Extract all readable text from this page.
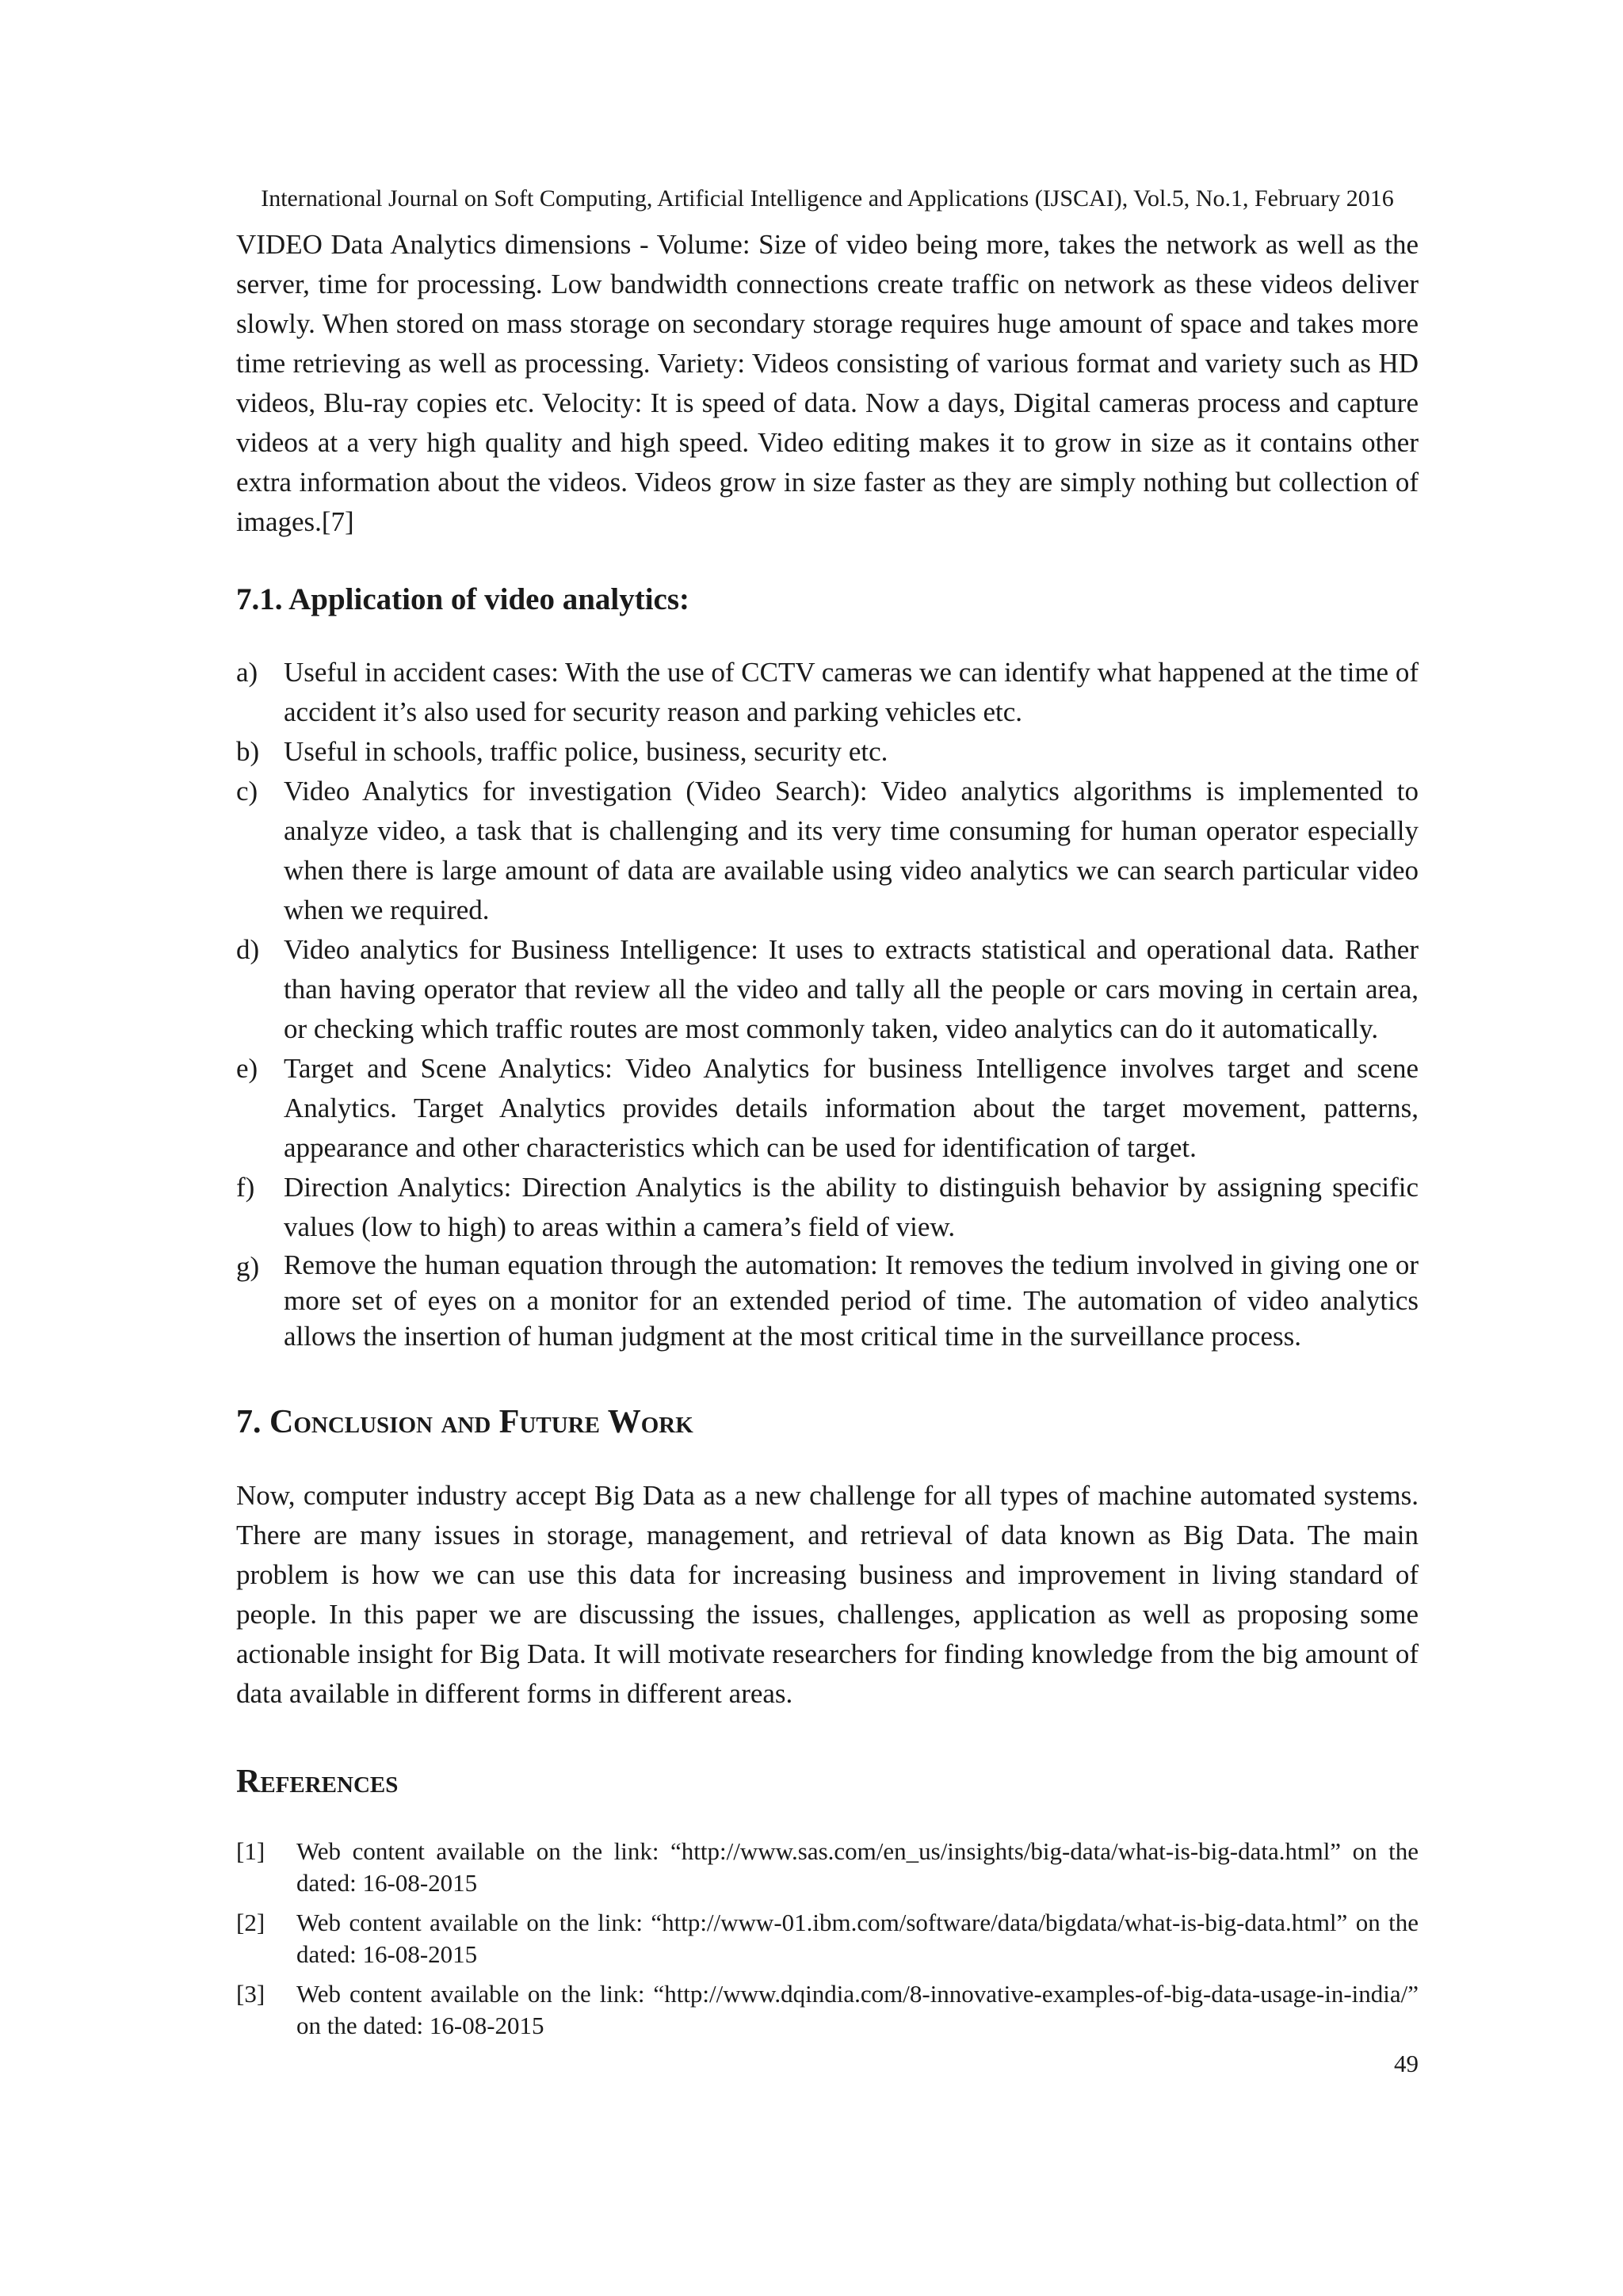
International Journal on Soft Computing, Artificial Intelligence and Applications (IJSCAI), Vol.5, No.1, February 2016

VIDEO Data Analytics dimensions - Volume: Size of video being more, takes the network as well as the server, time for processing. Low bandwidth connections create traffic on network as these videos deliver slowly. When stored on mass storage on secondary storage requires huge amount of space and takes more time retrieving as well as processing. Variety: Videos consisting of various format and variety such as HD videos, Blu-ray copies etc. Velocity: It is speed of data. Now a days, Digital cameras process and capture videos at a very high quality and high speed. Video editing makes it to grow in size as it contains other extra information about the videos. Videos grow in size faster as they are simply nothing but collection of images.[7]

7.1. Application of video analytics:
a) Useful in accident cases: With the use of CCTV cameras we can identify what happened at the time of accident it’s also used for security reason and parking vehicles etc.
b) Useful in schools, traffic police, business, security etc.
c) Video Analytics for investigation (Video Search): Video analytics algorithms is implemented to analyze video, a task that is challenging and its very time consuming for human operator especially when there is large amount of data are available using video analytics we can search particular video when we required.
d) Video analytics for Business Intelligence: It uses to extracts statistical and operational data. Rather than having operator that review all the video and tally all the people or cars moving in certain area, or checking which traffic routes are most commonly taken, video analytics can do it automatically.
e) Target and Scene Analytics: Video Analytics for business Intelligence involves target and scene Analytics. Target Analytics provides details information about the target movement, patterns, appearance and other characteristics which can be used for identification of target.
f)	Direction Analytics: Direction Analytics is the ability to distinguish behavior by assigning specific values (low to high) to areas within a camera’s field of view.
g) Remove the human equation through the automation: It removes the tedium involved in giving one or more set of eyes on a monitor for an extended period of time. The automation of video analytics allows the insertion of human judgment at the most critical time in the surveillance process.
7. Conclusion and Future Work

Now, computer industry accept Big Data as a new challenge for all types of machine automated systems. There are many issues in storage, management, and retrieval of data known as Big Data. The main problem is how we can use this data for increasing business and improvement in living standard of people. In this paper we are discussing the issues, challenges, application as well as proposing some actionable insight for Big Data. It will motivate researchers for finding knowledge from the big amount of data available in different forms in different areas.

References
[1]	Web content available on the link: “http://www.sas.com/en_us/insights/big-data/what-is-big-data.html” on the dated: 16-08-2015
[2]	Web content available on the link: “http://www-01.ibm.com/software/data/bigdata/what-is-big-data.html” on the dated: 16-08-2015
[3]	Web content available on the link: “http://www.dqindia.com/8-innovative-examples-of-big-data-usage-in-india/” on the dated: 16-08-2015
49
